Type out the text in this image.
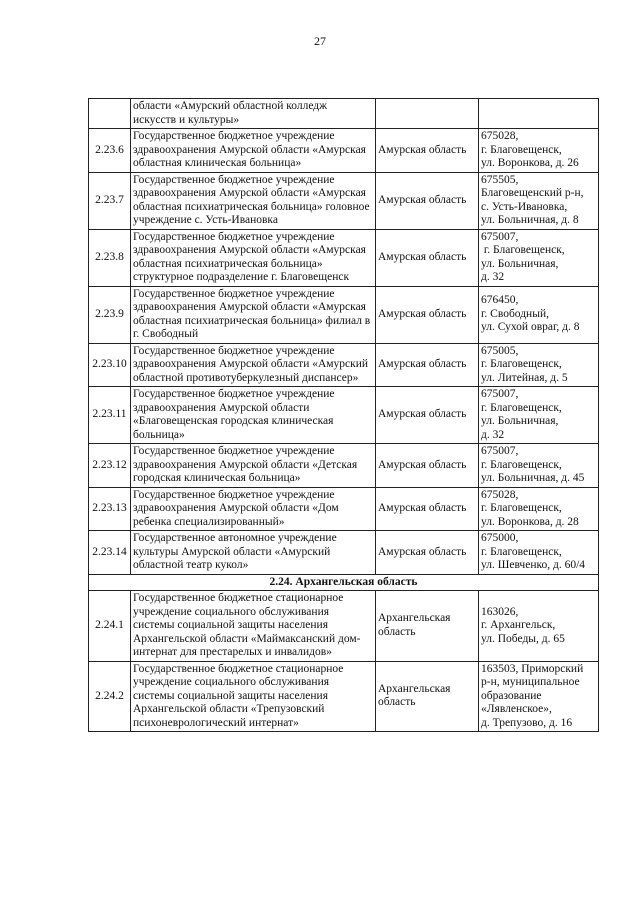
27
	области «Амурский областной колледж искусств и культуры»		
2.23.6	Государственное бюджетное учреждение здравоохранения Амурской области «Амурская областная клиническая больница»	Амурская область	675028,
г. Благовещенск,
ул. Воронкова, д. 26

2.23.7	Государственное бюджетное учреждение здравоохранения Амурской области «Амурская областная психиатрическая больница» головное учреждение с. Усть-Ивановка	Амурская область	675505,
Благовещенский р-н,
с. Усть-Ивановка,
ул. Больничная, д. 8

2.23.8	Государственное бюджетное учреждение здравоохранения Амурской области «Амурская областная психиатрическая больница» структурное подразделение г. Благовещенск	Амурская область	675007,
г. Благовещенск,
ул. Больничная,
д. 32

2.23.9	Государственное бюджетное учреждение здравоохранения Амурской области «Амурская областная психиатрическая больница» филиал в г. Свободный	Амурская область	676450,
г. Свободный,
ул. Сухой овраг, д. 8

2.23.10	Государственное бюджетное учреждение здравоохранения Амурской области «Амурский областной противотуберкулезный диспансер»	Амурская область	675005,
г. Благовещенск,
ул. Литейная, д. 5

2.23.11	Государственное бюджетное учреждение здравоохранения Амурской области «Благовещенская городская клиническая больница»	Амурская область	675007,
г. Благовещенск,
ул. Больничная,
д. 32

2.23.12	Государственное бюджетное учреждение здравоохранения Амурской области «Детская городская клиническая больница»	Амурская область	675007,
г. Благовещенск,
ул. Больничная, д. 45

2.23.13	Государственное бюджетное учреждение здравоохранения Амурской области «Дом ребенка специализированный»	Амурская область	675028,
г. Благовещенск,
ул. Воронкова, д. 28

2.23.14	Государственное автономное учреждение культуры Амурской области «Амурский областной театр кукол»	Амурская область	675000,
г. Благовещенск,
ул. Шевченко, д. 60/4

2.24. Архангельская область			
2.24.1	Государственное бюджетное стационарное учреждение социального обслуживания системы социальной защиты населения Архангельской области «Маймаксанский дом-интернат для престарелых и инвалидов»	Архангельская область	163026,
г. Архангельск,
ул. Победы, д. 65

2.24.2	Государственное бюджетное стационарное учреждение социального обслуживания системы социальной защиты населения Архангельской области «Трепузовский психоневрологический интернат»	Архангельская область	163503, Приморский
р-н, муниципальное
образование
«Лявленское»,
д. Трепузово, д. 16
